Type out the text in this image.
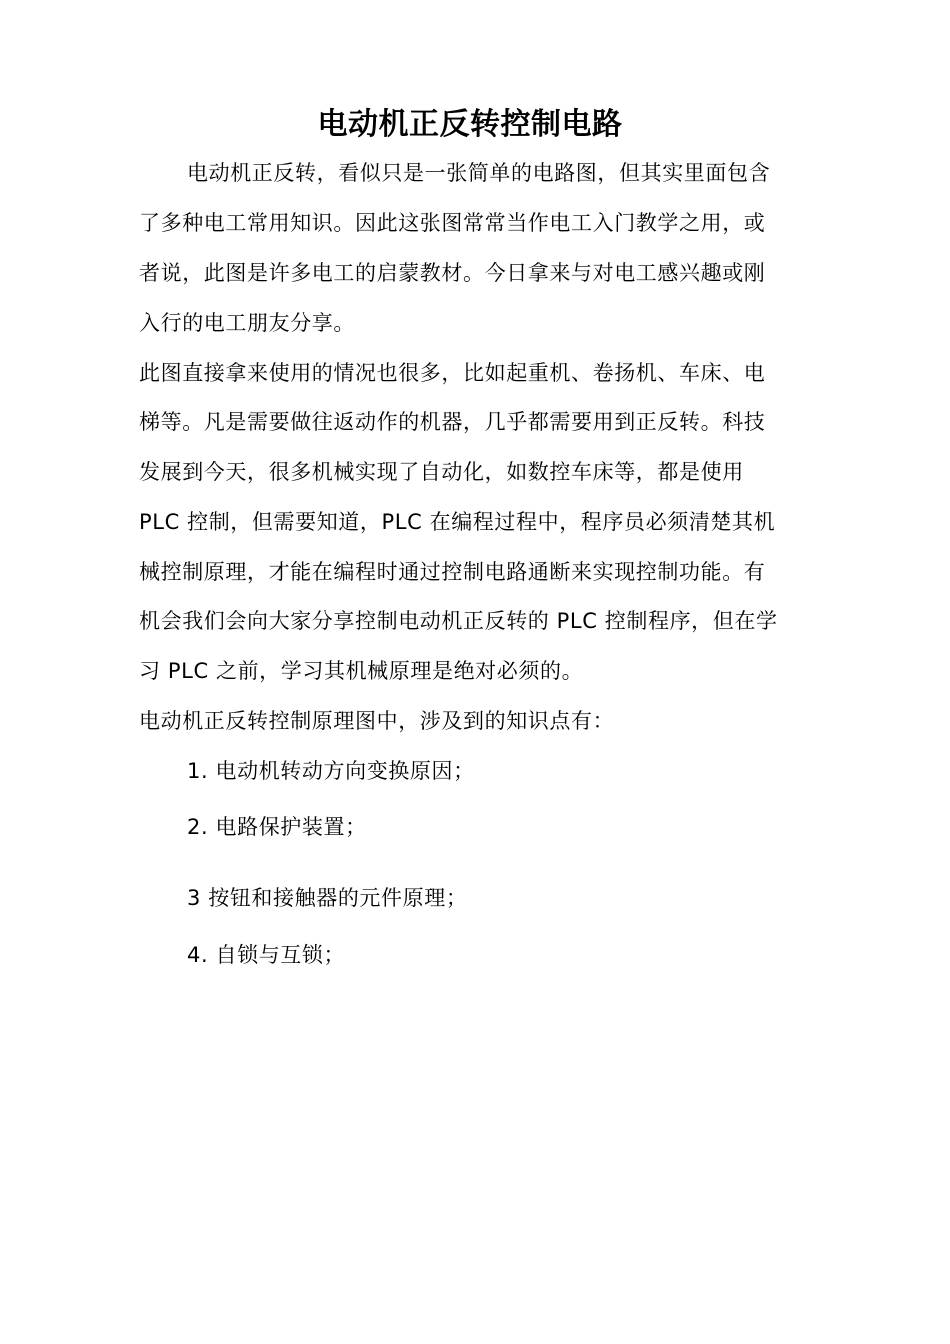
电动机正反转控制电路
电动机正反转，看似只是一张简单的电路图，但其实里面包含
了多种电工常用知识。因此这张图常常当作电工入门教学之用，或
者说，此图是许多电工的启蒙教材。今日拿来与对电工感兴趣或刚
入行的电工朋友分享。
此图直接拿来使用的情况也很多，比如起重机、卷扬机、车床、电
梯等。凡是需要做往返动作的机器，几乎都需要用到正反转。科技
发展到今天，很多机械实现了自动化，如数控车床等，都是使用
PLC 控制，但需要知道，PLC 在编程过程中，程序员必须清楚其机
械控制原理，才能在编程时通过控制电路通断来实现控制功能。有
机会我们会向大家分享控制电动机正反转的 PLC 控制程序，但在学
习 PLC 之前，学习其机械原理是绝对必须的。
电动机正反转控制原理图中，涉及到的知识点有：
1. 电动机转动方向变换原因；
2. 电路保护装置；
3 按钮和接触器的元件原理；
4. 自锁与互锁；
